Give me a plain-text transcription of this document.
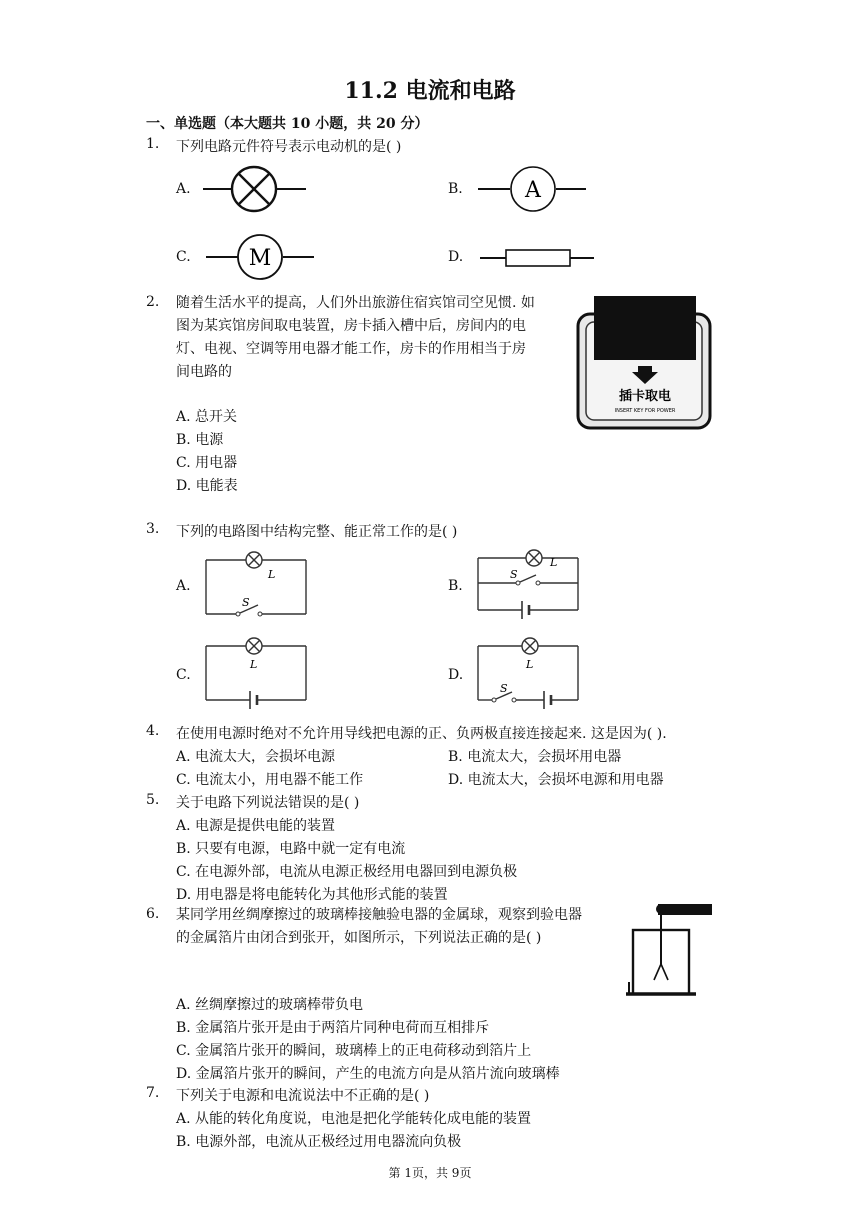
11.2 电流和电路
一、单选题（本大题共 10 小题，共 20 分）
1. 下列电路元件符号表示电动机的是( )
A.	B.	A
C.	M	D.
2. 随着生活水平的提高，人们外出旅游住宿宾馆司空见惯. 如
图为某宾馆房间取电装置，房卡插入槽中后，房间内的电
灯、电视、空调等用电器才能工作，房卡的作用相当于房
间电路的
插卡取电
INSERT KEY FOR POWER
A. 总开关
B. 电源
C. 用电器
D. 电能表
3. 下列的电路图中结构完整、能正常工作的是( )
A.
L
S
B.
L
S
C.
L
D.
L
S
4. 在使用电源时绝对不允许用导线把电源的正、负两极直接连接起来. 这是因为( ).
A. 电流太大，会损坏电源	B. 电流太大，会损坏用电器
C. 电流太小，用电器不能工作	D. 电流太大，会损坏电源和用电器
5. 关于电路下列说法错误的是( )
A. 电源是提供电能的装置
B. 只要有电源，电路中就一定有电流
C. 在电源外部，电流从电源正极经用电器回到电源负极
D. 用电器是将电能转化为其他形式能的装置
6. 某同学用丝绸摩擦过的玻璃棒接触验电器的金属球，观察到验电器
的金属箔片由闭合到张开，如图所示，下列说法正确的是( )
A. 丝绸摩擦过的玻璃棒带负电
B. 金属箔片张开是由于两箔片同种电荷而互相排斥
C. 金属箔片张开的瞬间，玻璃棒上的正电荷移动到箔片上
D. 金属箔片张开的瞬间，产生的电流方向是从箔片流向玻璃棒
7. 下列关于电源和电流说法中不正确的是( )
A. 从能的转化角度说，电池是把化学能转化成电能的装置
B. 电源外部，电流从正极经过用电器流向负极
第 1页，共 9页
